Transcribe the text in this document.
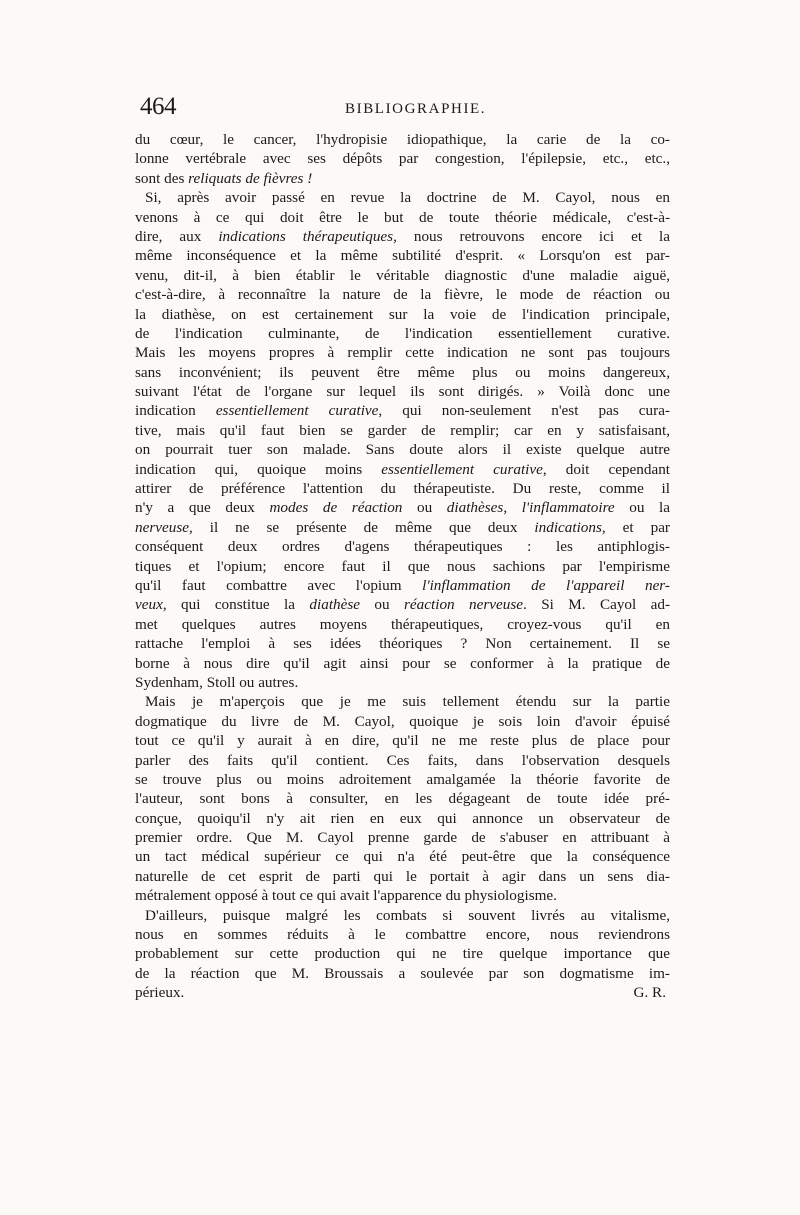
464	BIBLIOGRAPHIE.
du cœur, le cancer, l'hydropisie idiopathique, la carie de la co-
lonne vertébrale avec ses dépôts par congestion, l'épilepsie, etc., etc.,
sont des reliquats de fièvres !
Si, après avoir passé en revue la doctrine de M. Cayol, nous en
venons à ce qui doit être le but de toute théorie médicale, c'est-à-
dire, aux indications thérapeutiques, nous retrouvons encore ici et la
même inconséquence et la même subtilité d'esprit. « Lorsqu'on est par-
venu, dit-il, à bien établir le véritable diagnostic d'une maladie aiguë,
c'est-à-dire, à reconnaître la nature de la fièvre, le mode de réaction ou
la diathèse, on est certainement sur la voie de l'indication principale,
de l'indication culminante, de l'indication essentiellement curative.
Mais les moyens propres à remplir cette indication ne sont pas toujours
sans inconvénient; ils peuvent être même plus ou moins dangereux,
suivant l'état de l'organe sur lequel ils sont dirigés. » Voilà donc une
indication essentiellement curative, qui non-seulement n'est pas cura-
tive, mais qu'il faut bien se garder de remplir; car en y satisfaisant,
on pourrait tuer son malade. Sans doute alors il existe quelque autre
indication qui, quoique moins essentiellement curative, doit cependant
attirer de préférence l'attention du thérapeutiste. Du reste, comme il
n'y a que deux modes de réaction ou diathèses, l'inflammatoire ou la
nerveuse, il ne se présente de même que deux indications, et par
conséquent deux ordres d'agens thérapeutiques : les antiphlogis-
tiques et l'opium; encore faut il que nous sachions par l'empirisme
qu'il faut combattre avec l'opium l'inflammation de l'appareil ner-
veux, qui constitue la diathèse ou réaction nerveuse. Si M. Cayol ad-
met quelques autres moyens thérapeutiques, croyez-vous qu'il en
rattache l'emploi à ses idées théoriques ? Non certainement. Il se
borne à nous dire qu'il agit ainsi pour se conformer à la pratique de
Sydenham, Stoll ou autres.
Mais je m'aperçois que je me suis tellement étendu sur la partie
dogmatique du livre de M. Cayol, quoique je sois loin d'avoir épuisé
tout ce qu'il y aurait à en dire, qu'il ne me reste plus de place pour
parler des faits qu'il contient. Ces faits, dans l'observation desquels
se trouve plus ou moins adroitement amalgamée la théorie favorite de
l'auteur, sont bons à consulter, en les dégageant de toute idée pré-
conçue, quoiqu'il n'y ait rien en eux qui annonce un observateur de
premier ordre. Que M. Cayol prenne garde de s'abuser en attribuant à
un tact médical supérieur ce qui n'a été peut-être que la conséquence
naturelle de cet esprit de parti qui le portait à agir dans un sens dia-
métralement opposé à tout ce qui avait l'apparence du physiologisme.
D'ailleurs, puisque malgré les combats si souvent livrés au vitalisme,
nous en sommes réduits à le combattre encore, nous reviendrons
probablement sur cette production qui ne tire quelque importance que
de la réaction que M. Broussais a soulevée par son dogmatisme im-
périeux.	G. R.
